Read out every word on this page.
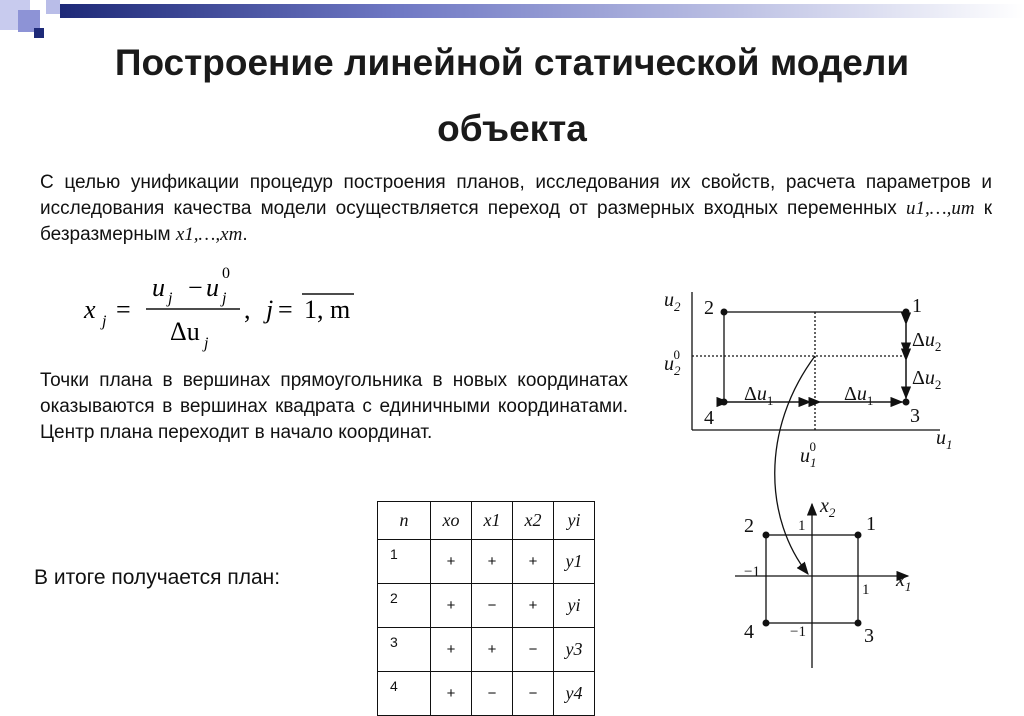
Построение линейной статической модели
объекта

С целью унификации процедур построения планов, исследования их свойств, расчета параметров и исследования качества модели осуществляется переход от размерных входных переменных u1,…,um к безразмерным x1,…,xm.

x j =
u j − u j
0
Δu j
, j = 1, m

Точки плана в вершинах прямоугольника в новых координатах оказываются в вершинах квадрата с единичными координатами. Центр плана переходит в начало координат.

В итоге получается план:

n	xo	x1	x2	yi
1	+	+	+	y1
2	+	−	+	yi
3	+	+	−	y3
4	+	−	−	y4
$u_2$
$u_1$
$u_20$
$u_10$
2	1
4	3
$\Delta u_2$
$\Delta u_2$
$\Delta u_1$	$\Delta u_1$
$x_2$
$x_1$
2	1
4	3
1
1
−1
−1
